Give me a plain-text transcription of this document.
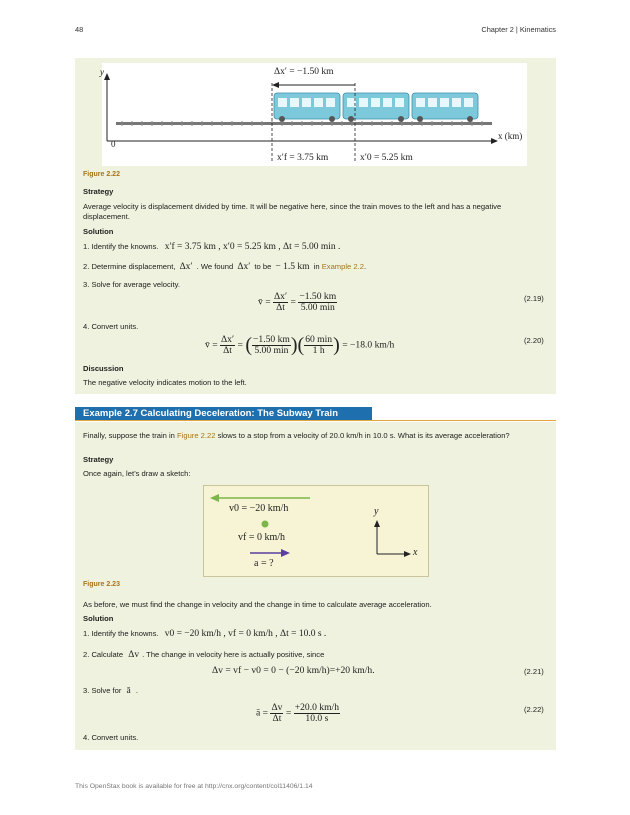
48	Chapter 2 | Kinematics
y
x (km)
0
Δx′ = −1.50 km
x′f = 3.75 km	x′0 = 5.25 km
Figure 2.22
Strategy
Average velocity is displacement divided by time. It will be negative here, since the train moves to the left and has a negative displacement.
Solution
1. Identify the knowns. x′f = 3.75 km , x′0 = 5.25 km , Δt = 5.00 min .
2. Determine displacement, Δx′ . We found Δx′ to be − 1.5 km in Example 2.2.
3. Solve for average velocity.
v̄ = $\frac{\Delta x'}{\Delta t} = \frac{-1.50 km}{5.00 \min}$	(2.19)
4. Convert units.
v̄ = $\frac{\Delta x'}{\Delta t}$ = ( $\frac{-1.50 km}{5.00 \min}$ )( $\frac{60 \min}{1 h}$ ) = −18.0 km/h	(2.20)
Discussion
The negative velocity indicates motion to the left.
Example 2.7 Calculating Deceleration: The Subway Train
Finally, suppose the train in Figure 2.22 slows to a stop from a velocity of 20.0 km/h in 10.0 s. What is its average acceleration?
Strategy
Once again, let’s draw a sketch:
v0 = −20 km/h
vf = 0 km/h
a = ?
y
x
Figure 2.23
As before, we must find the change in velocity and the change in time to calculate average acceleration.
Solution
1. Identify the knowns. v0 = −20 km/h , vf = 0 km/h , Δt = 10.0 s .
2. Calculate Δv . The change in velocity here is actually positive, since
Δv = vf − v0 = 0 − (−20 km/h)=+20 km/h.	(2.21)
3. Solve for ā .
ā = $\frac{\Delta v}{\Delta t} = \frac{+20.0 km/h}{10.0 s}$	(2.22)
4. Convert units.
This OpenStax book is available for free at http://cnx.org/content/col11406/1.14
